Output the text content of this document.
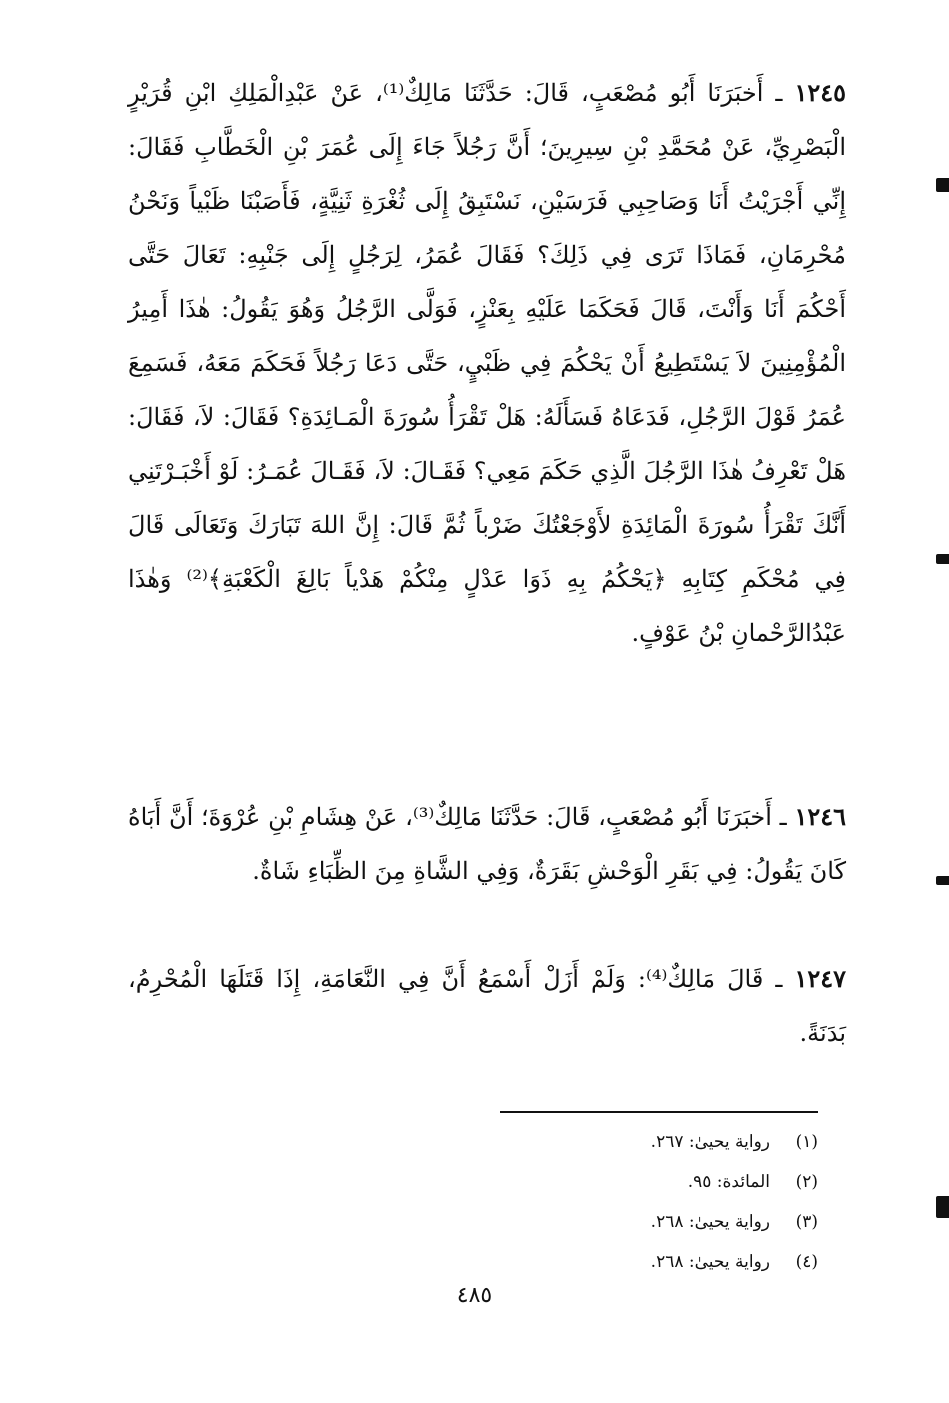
١٢٤٥ ـ أَخبَرَنَا أَبُو مُصْعَبٍ، قَالَ: حَدَّثَنَا مَالِكٌ⁽¹⁾، عَنْ عَبْدِالْمَلِكِ ابْنِ قُرَيْرٍ الْبَصْرِيِّ، عَنْ مُحَمَّدِ بْنِ سِيرِينَ؛ أَنَّ رَجُلاً جَاءَ إِلَى عُمَرَ بْنِ الْخَطَّابِ فَقَالَ: إِنِّي أَجْرَيْتُ أَنَا وَصَاحِبِي فَرَسَيْنِ، نَسْتَبِقُ إِلَى ثُغْرَةِ ثَنِيَّةٍ، فَأَصَبْنَا ظَبْياً وَنَحْنُ مُحْرِمَانِ، فَمَاذَا تَرَى فِي ذَلِكَ؟ فَقَالَ عُمَرُ، لِرَجُلٍ إِلَى جَنْبِهِ: تَعَالَ حَتَّى أَحْكُمَ أَنَا وَأَنْتَ، قَالَ فَحَكَمَا عَلَيْهِ بِعَنْزٍ، فَوَلَّى الرَّجُلُ وَهُوَ يَقُولُ: هٰذَا أَمِيرُ الْمُؤْمِنِينَ لاَ يَسْتَطِيعُ أَنْ يَحْكُمَ فِي ظَبْيٍ، حَتَّى دَعَا رَجُلاً فَحَكَمَ مَعَهُ، فَسَمِعَ عُمَرُ قَوْلَ الرَّجُلِ، فَدَعَاهُ فَسَأَلَهُ: هَلْ تَقْرَأُ سُورَةَ الْمَـائِدَةِ؟ فَقَالَ: لاَ، فَقَالَ: هَلْ تَعْرِفُ هٰذَا الرَّجُلَ الَّذِي حَكَمَ مَعِي؟ فَقَـالَ: لاَ، فَقَـالَ عُمَـرُ: لَوْ أَخْبَـرْتَنِي أَنَّكَ تَقْرَأُ سُورَةَ الْمَائِدَةِ لأَوْجَعْتُكَ ضَرْباً ثُمَّ قَالَ: إِنَّ اللهَ تَبَارَكَ وَتَعَالَى قَالَ فِي مُحْكَمِ كِتَابِهِ ﴿يَحْكُمُ بِهِ ذَوَا عَدْلٍ مِنْكُمْ هَدْياً بَالِغَ الْكَعْبَةِ﴾⁽²⁾ وَهٰذَا عَبْدُالرَّحْمانِ بْنُ عَوْفٍ.

١٢٤٦ ـ أَخبَرَنَا أَبُو مُصْعَبٍ، قَالَ: حَدَّثَنَا مَالِكٌ⁽³⁾، عَنْ هِشَامِ بْنِ عُرْوَةَ؛ أَنَّ أَبَاهُ كَانَ يَقُولُ: فِي بَقَرِ الْوَحْشِ بَقَرَةٌ، وَفِي الشَّاةِ مِنَ الظِّبَاءِ شَاةٌ.

١٢٤٧ ـ قَالَ مَالِكٌ⁽⁴⁾: وَلَمْ أَزَلْ أَسْمَعُ أَنَّ فِي النَّعَامَةِ، إِذَا قَتَلَهَا الْمُحْرِمُ، بَدَنَةً.

(١)رواية يحيىٰ: ٢٦٧.
(٢)المائدة: ٩٥.
(٣)رواية يحيىٰ: ٢٦٨.
(٤)رواية يحيىٰ: ٢٦٨.
٤٨٥
